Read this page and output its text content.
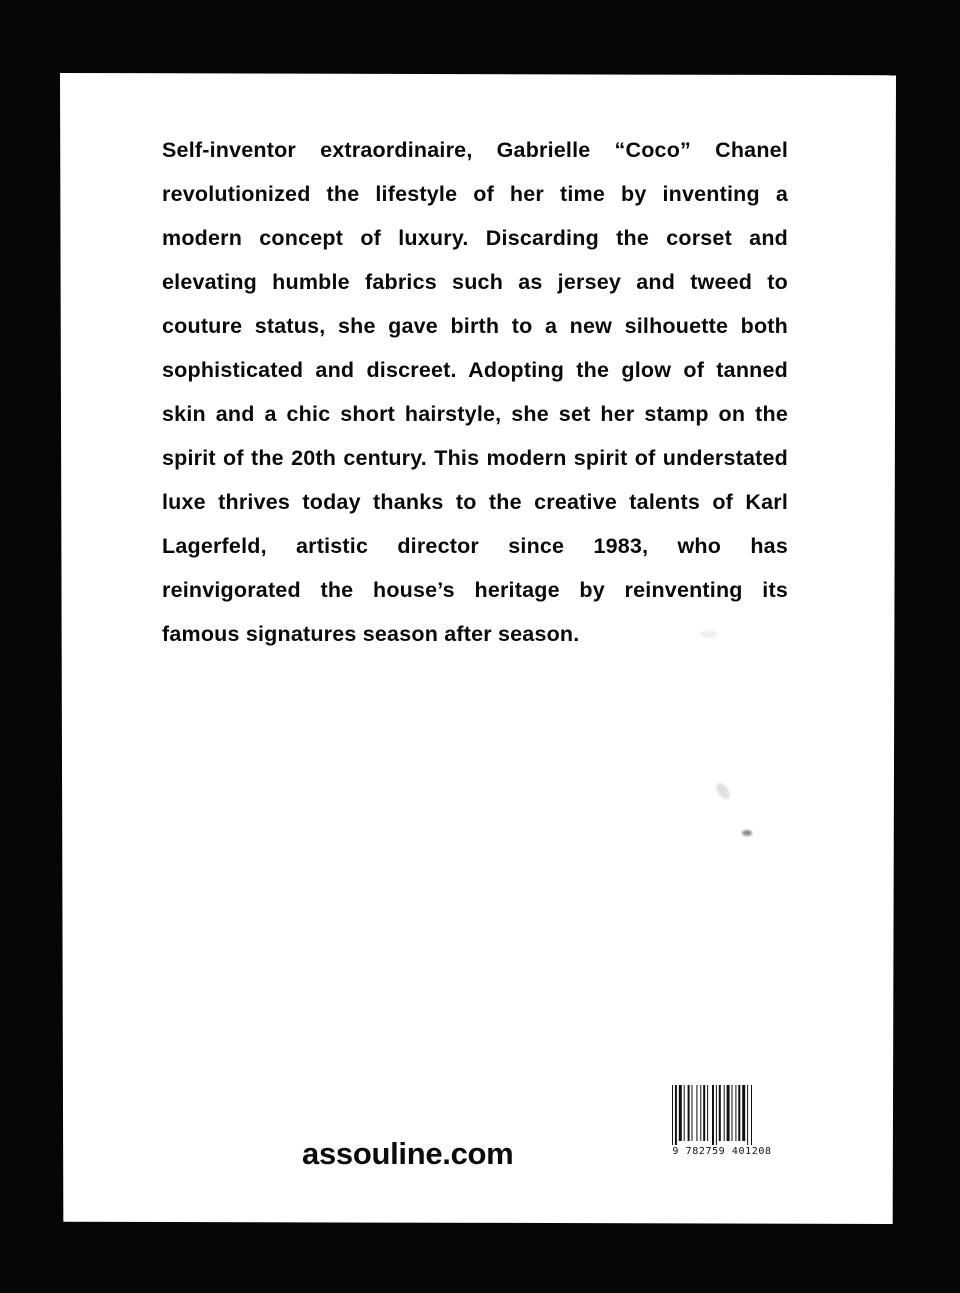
Self-inventor extraordinaire, Gabrielle “Coco” Chanel revolutionized the lifestyle of her time by inventing a modern concept of luxury. Discarding the corset and elevating humble fabrics such as jersey and tweed to couture status, she gave birth to a new silhouette both sophisticated and discreet. Adopting the glow of tanned skin and a chic short hairstyle, she set her stamp on the spirit of the 20th century. This modern spirit of understated luxe thrives today thanks to the creative talents of Karl Lagerfeld, artistic director since 1983, who has reinvigorated the house’s heritage by reinventing its famous signatures season after season.

assouline.com	9 782759 401208
